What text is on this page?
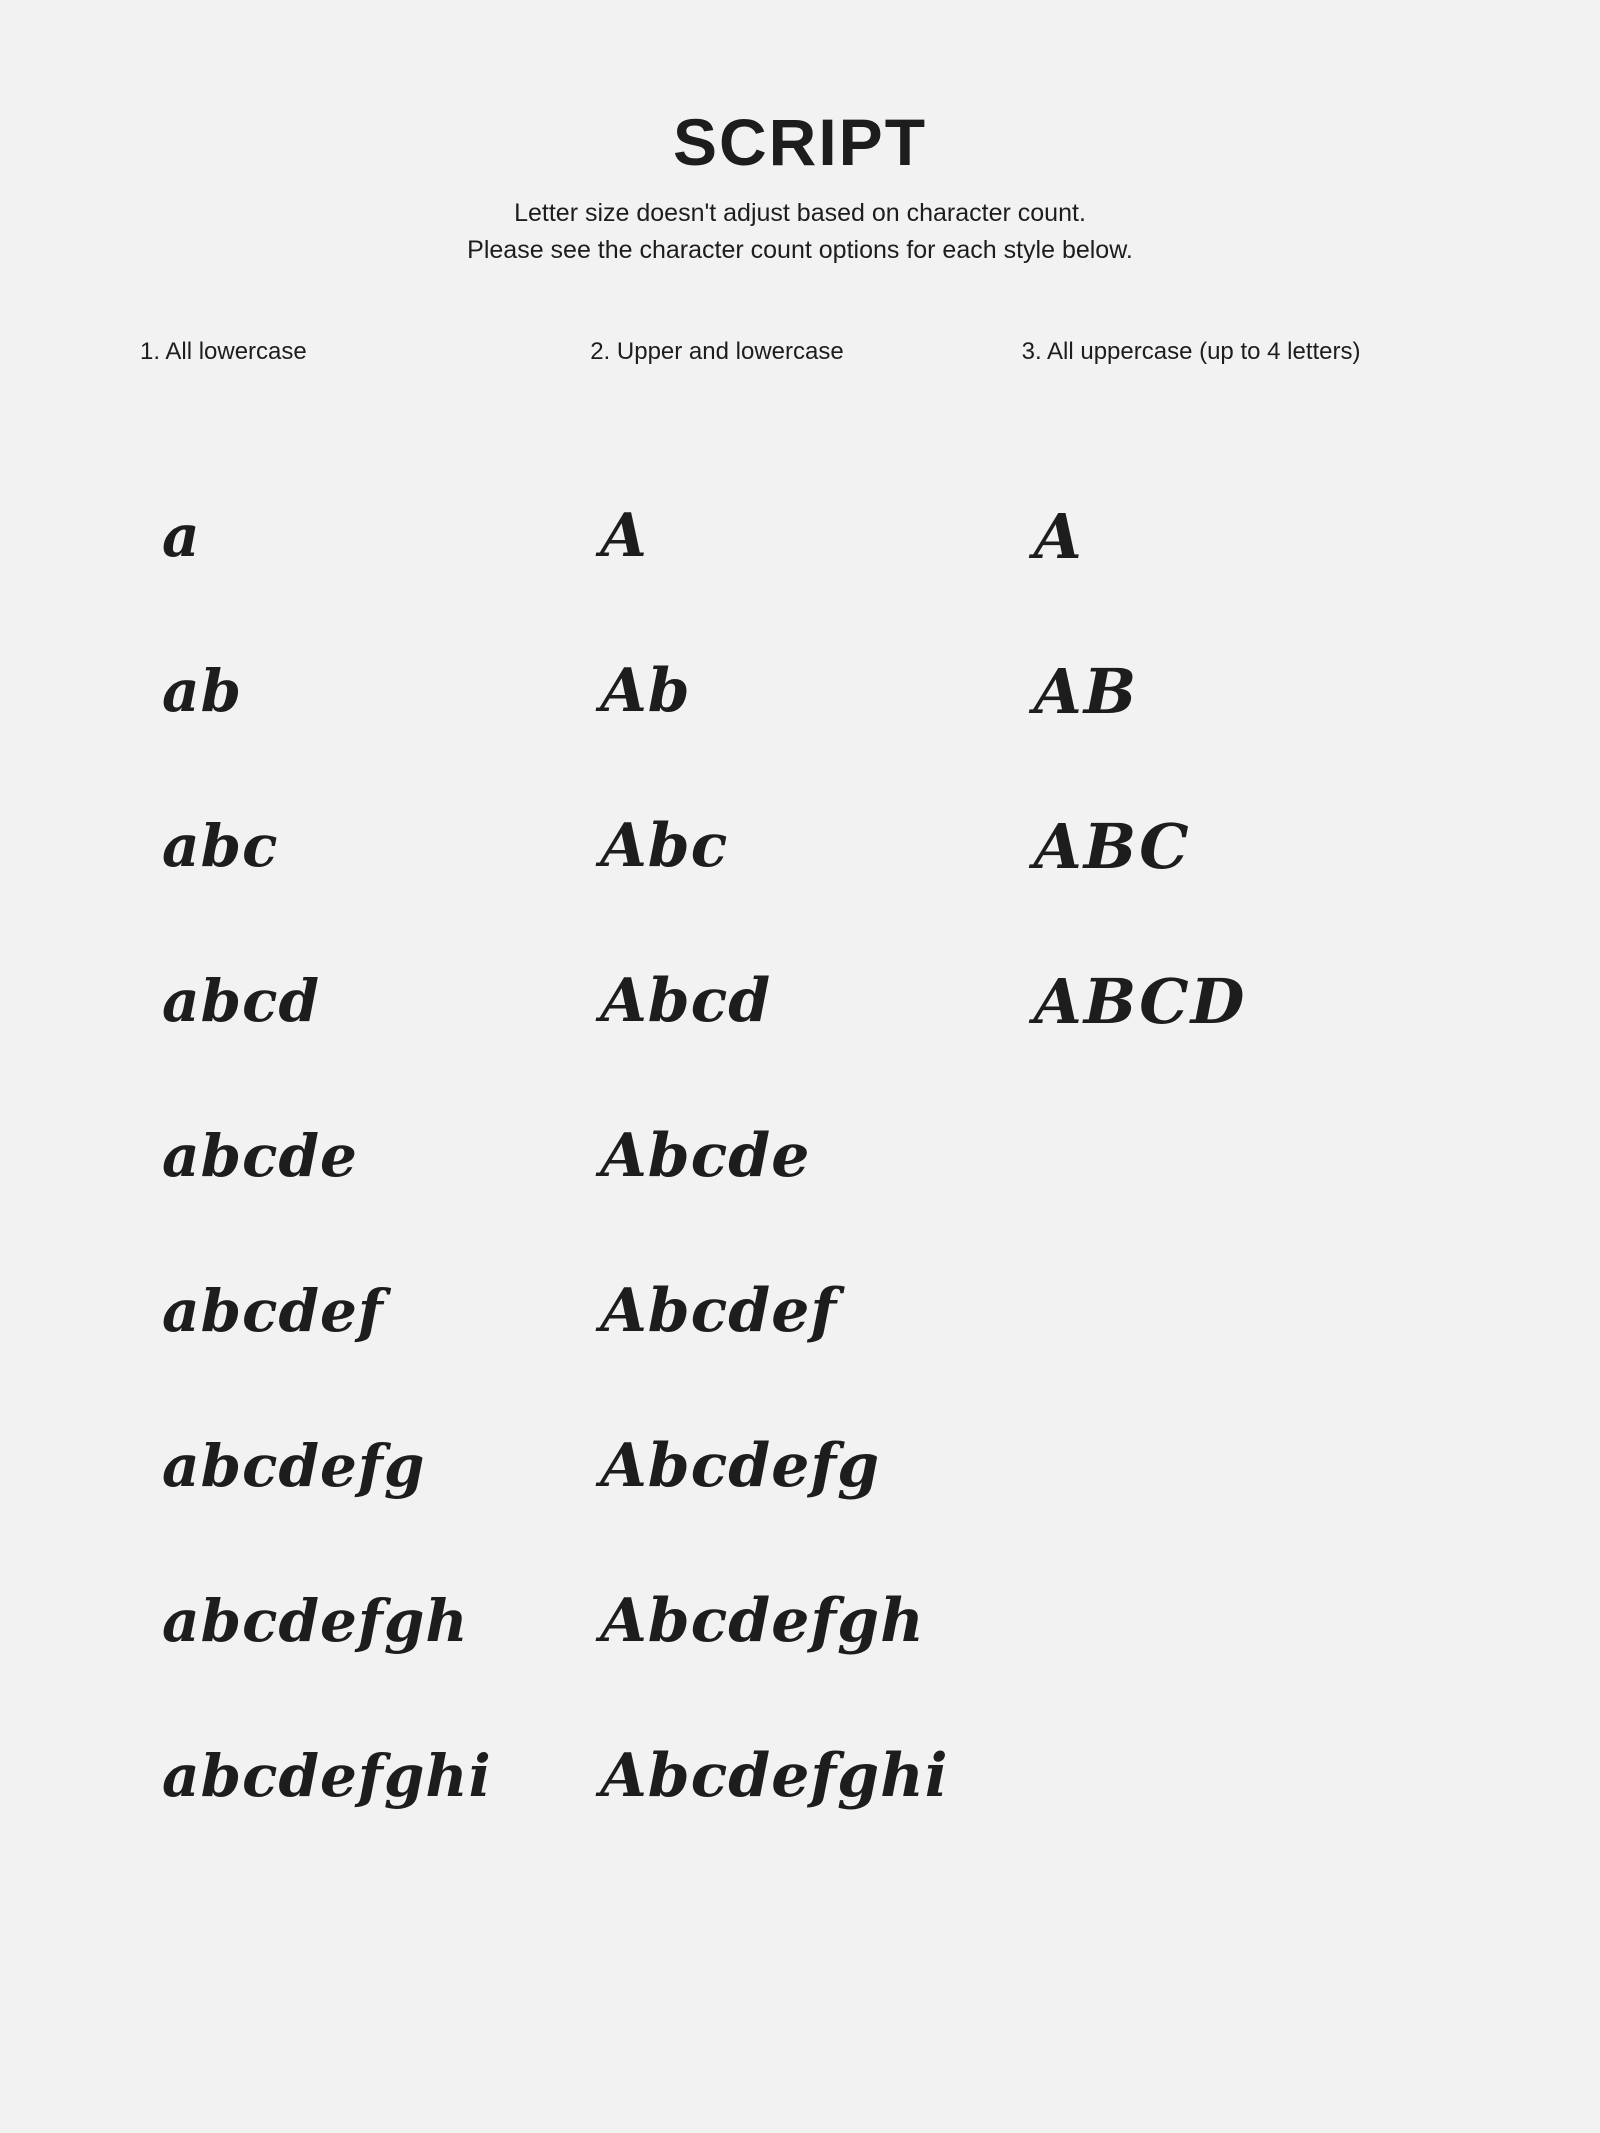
SCRIPT

Letter size doesn't adjust based on character count.
Please see the character count options for each style below.

1. All lowercase
a
ab
abc
abcd
abcde
abcdef
abcdefg
abcdefgh
abcdefghi
2. Upper and lowercase
A
Ab
Abc
Abcd
Abcde
Abcdef
Abcdefg
Abcdefgh
Abcdefghi
3. All uppercase (up to 4 letters)
A
AB
ABC
ABCD
